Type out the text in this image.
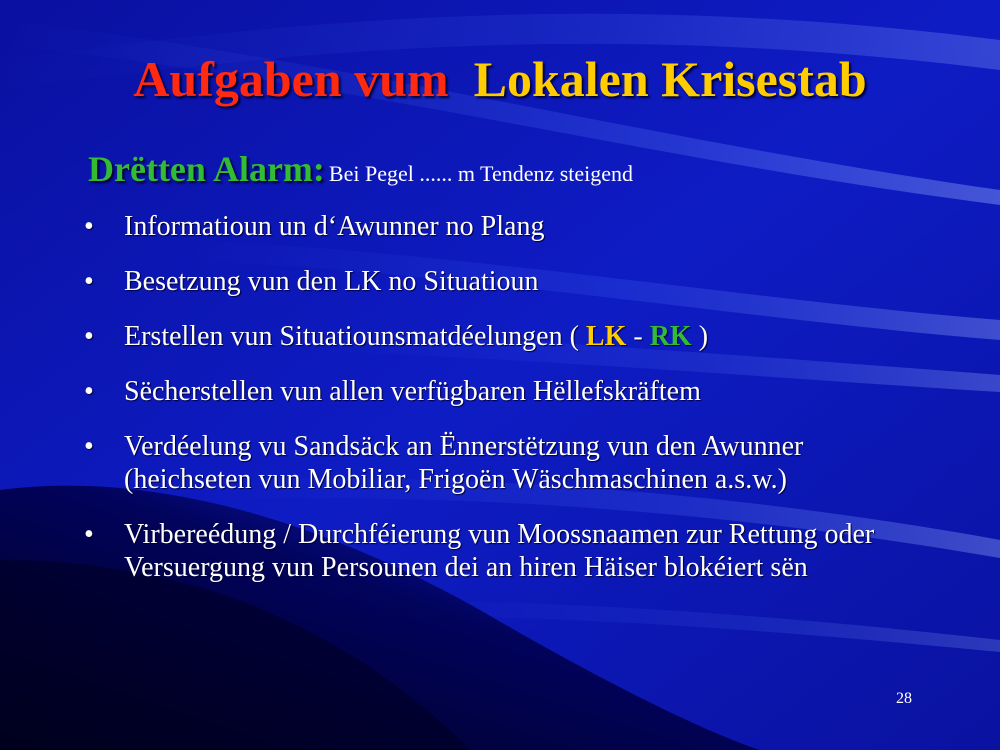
Aufgaben vum Lokalen Krisestab
Drëtten Alarm: Bei Pegel ...... m Tendenz steigend
• Informatioun un d‘Awunner no Plang
• Besetzung vun den LK no Situatioun
• Erstellen vun Situatiounsmatdéelungen ( LK - RK )
• Sëcherstellen vun allen verfügbaren Hëllefskräftem
• Verdéelung vu Sandsäck an Ënnerstëtzung vun den Awunner (heichseten vun Mobiliar, Frigoën Wäschmaschinen a.s.w.)
• Virbereédung / Durchféierung vun Moossnaamen zur Rettung oder Versuergung vun Persounen dei an hiren Häiser blokéiert sën
28
